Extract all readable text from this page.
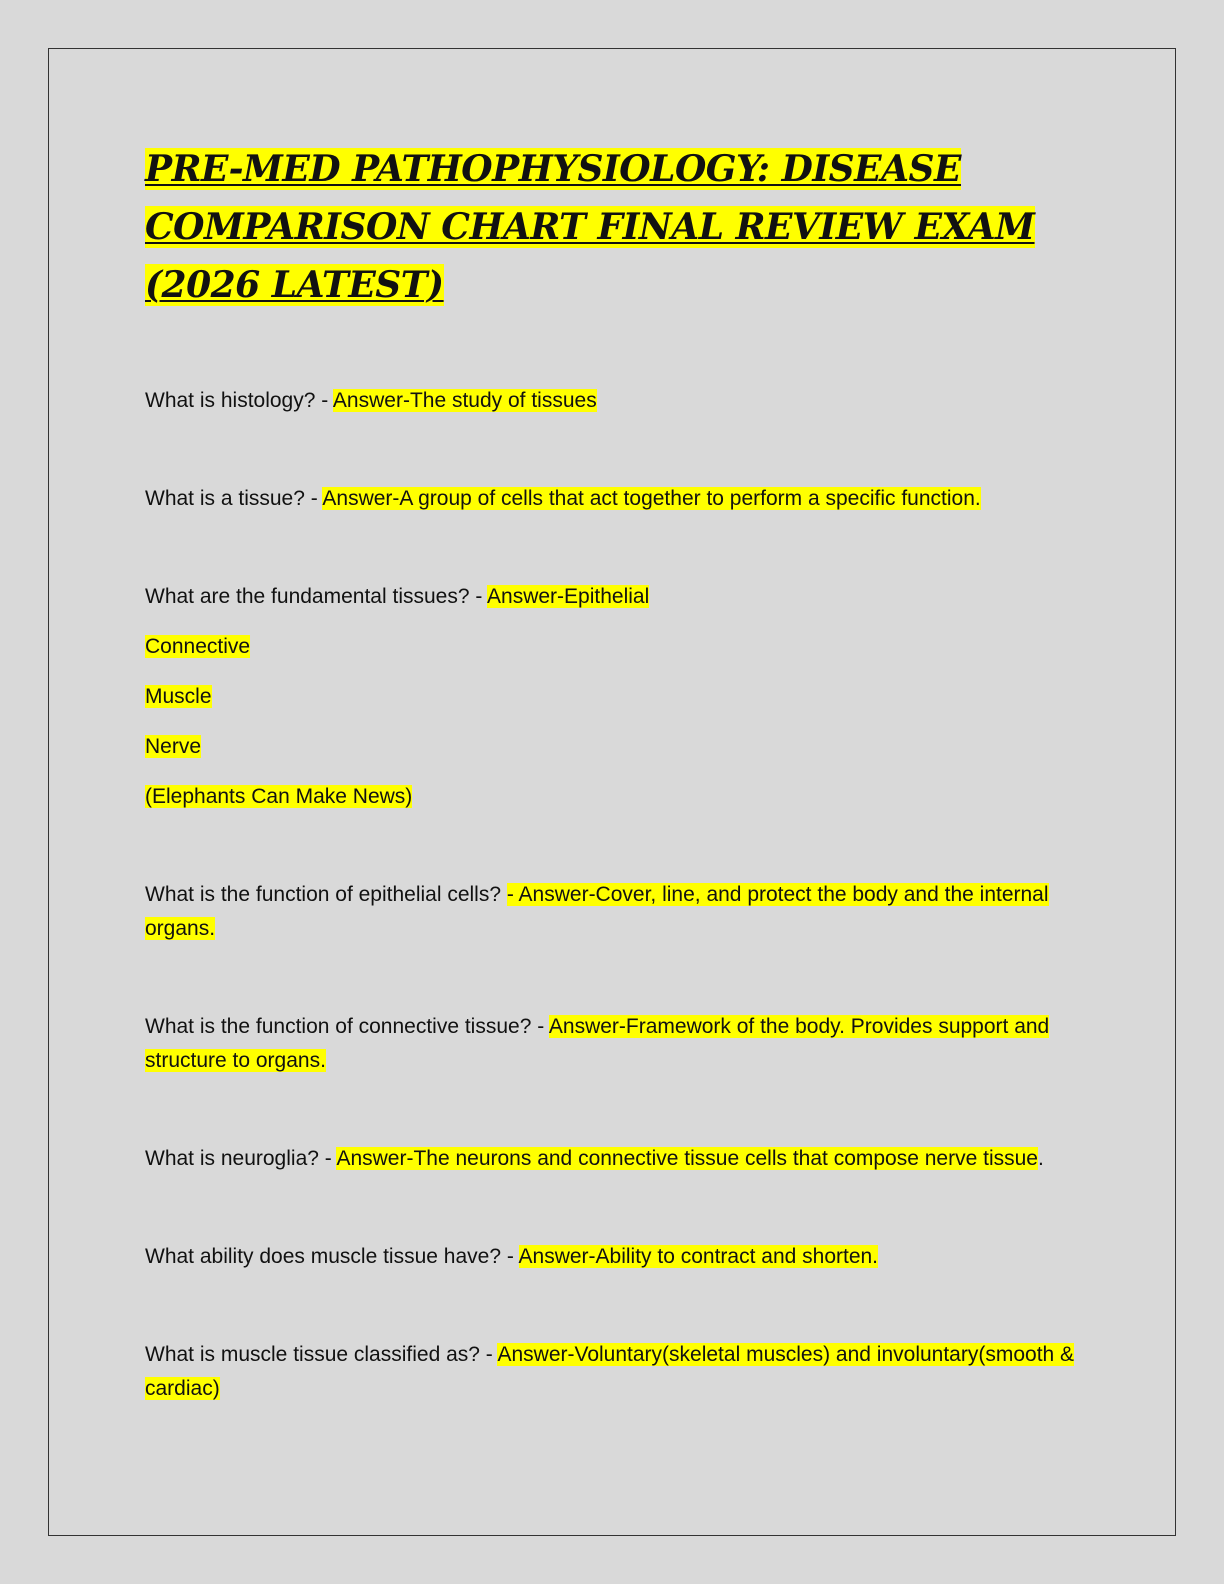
PRE-MED PATHOPHYSIOLOGY: DISEASE COMPARISON CHART FINAL REVIEW EXAM (2026 LATEST)

What is histology? - Answer-The study of tissues

What is a tissue? - Answer-A group of cells that act together to perform a specific function.

What are the fundamental tissues? - Answer-Epithelial
Connective
Muscle
Nerve
(Elephants Can Make News)

What is the function of epithelial cells? - Answer-Cover, line, and protect the body and the internal organs.

What is the function of connective tissue? - Answer-Framework of the body. Provides support and structure to organs.

What is neuroglia? - Answer-The neurons and connective tissue cells that compose nerve tissue.

What ability does muscle tissue have? - Answer-Ability to contract and shorten.

What is muscle tissue classified as? - Answer-Voluntary(skeletal muscles) and involuntary(smooth & cardiac)
